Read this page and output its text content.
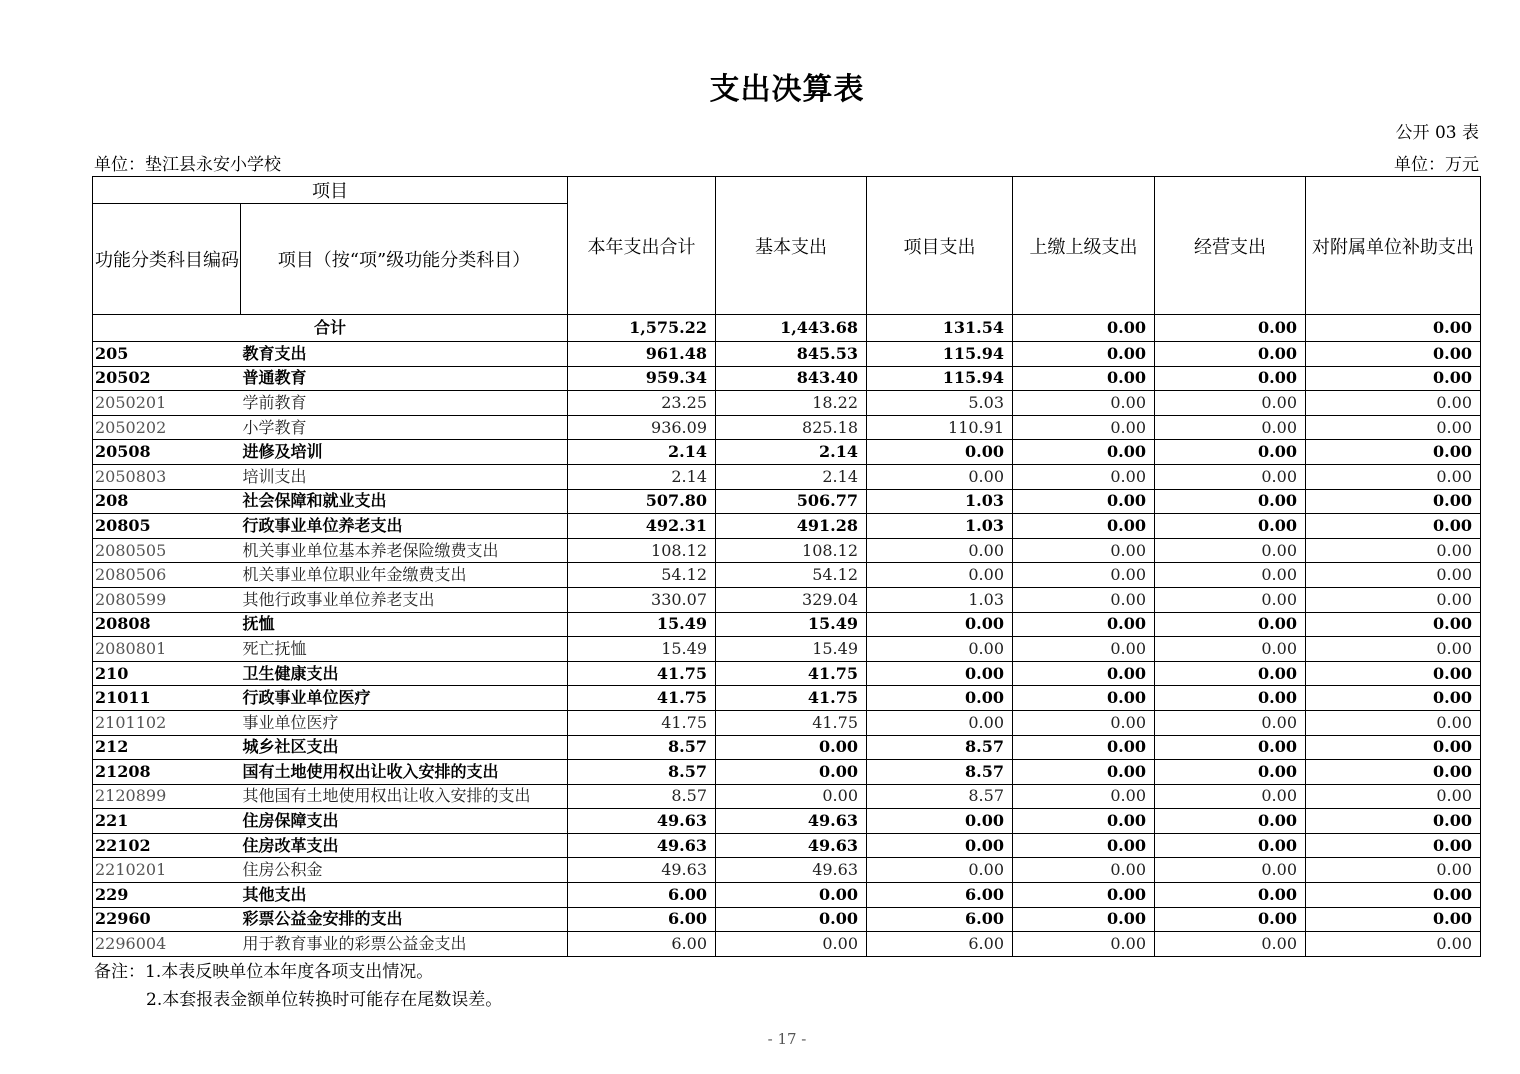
支出决算表
公开 03 表
单位：垫江县永安小学校	单位：万元
项目		本年支出合计	基本支出	项目支出	上缴上级支出	经营支出	对附属单位补助支出
功能分类科目编码	项目（按“项”级功能分类科目）						
合计		1,575.22	1,443.68	131.54	0.00	0.00	0.00
205	教育支出	961.48	845.53	115.94	0.00	0.00	0.00
20502	普通教育	959.34	843.40	115.94	0.00	0.00	0.00
2050201	学前教育	23.25	18.22	5.03	0.00	0.00	0.00
2050202	小学教育	936.09	825.18	110.91	0.00	0.00	0.00
20508	进修及培训	2.14	2.14	0.00	0.00	0.00	0.00
2050803	培训支出	2.14	2.14	0.00	0.00	0.00	0.00
208	社会保障和就业支出	507.80	506.77	1.03	0.00	0.00	0.00
20805	行政事业单位养老支出	492.31	491.28	1.03	0.00	0.00	0.00
2080505	机关事业单位基本养老保险缴费支出	108.12	108.12	0.00	0.00	0.00	0.00
2080506	机关事业单位职业年金缴费支出	54.12	54.12	0.00	0.00	0.00	0.00
2080599	其他行政事业单位养老支出	330.07	329.04	1.03	0.00	0.00	0.00
20808	抚恤	15.49	15.49	0.00	0.00	0.00	0.00
2080801	死亡抚恤	15.49	15.49	0.00	0.00	0.00	0.00
210	卫生健康支出	41.75	41.75	0.00	0.00	0.00	0.00
21011	行政事业单位医疗	41.75	41.75	0.00	0.00	0.00	0.00
2101102	事业单位医疗	41.75	41.75	0.00	0.00	0.00	0.00
212	城乡社区支出	8.57	0.00	8.57	0.00	0.00	0.00
21208	国有土地使用权出让收入安排的支出	8.57	0.00	8.57	0.00	0.00	0.00
2120899	其他国有土地使用权出让收入安排的支出	8.57	0.00	8.57	0.00	0.00	0.00
221	住房保障支出	49.63	49.63	0.00	0.00	0.00	0.00
22102	住房改革支出	49.63	49.63	0.00	0.00	0.00	0.00
2210201	住房公积金	49.63	49.63	0.00	0.00	0.00	0.00
229	其他支出	6.00	0.00	6.00	0.00	0.00	0.00
22960	彩票公益金安排的支出	6.00	0.00	6.00	0.00	0.00	0.00
2296004	用于教育事业的彩票公益金支出	6.00	0.00	6.00	0.00	0.00	0.00
备注：1.本表反映单位本年度各项支出情况。
2.本套报表金额单位转换时可能存在尾数误差。
- 17 -
